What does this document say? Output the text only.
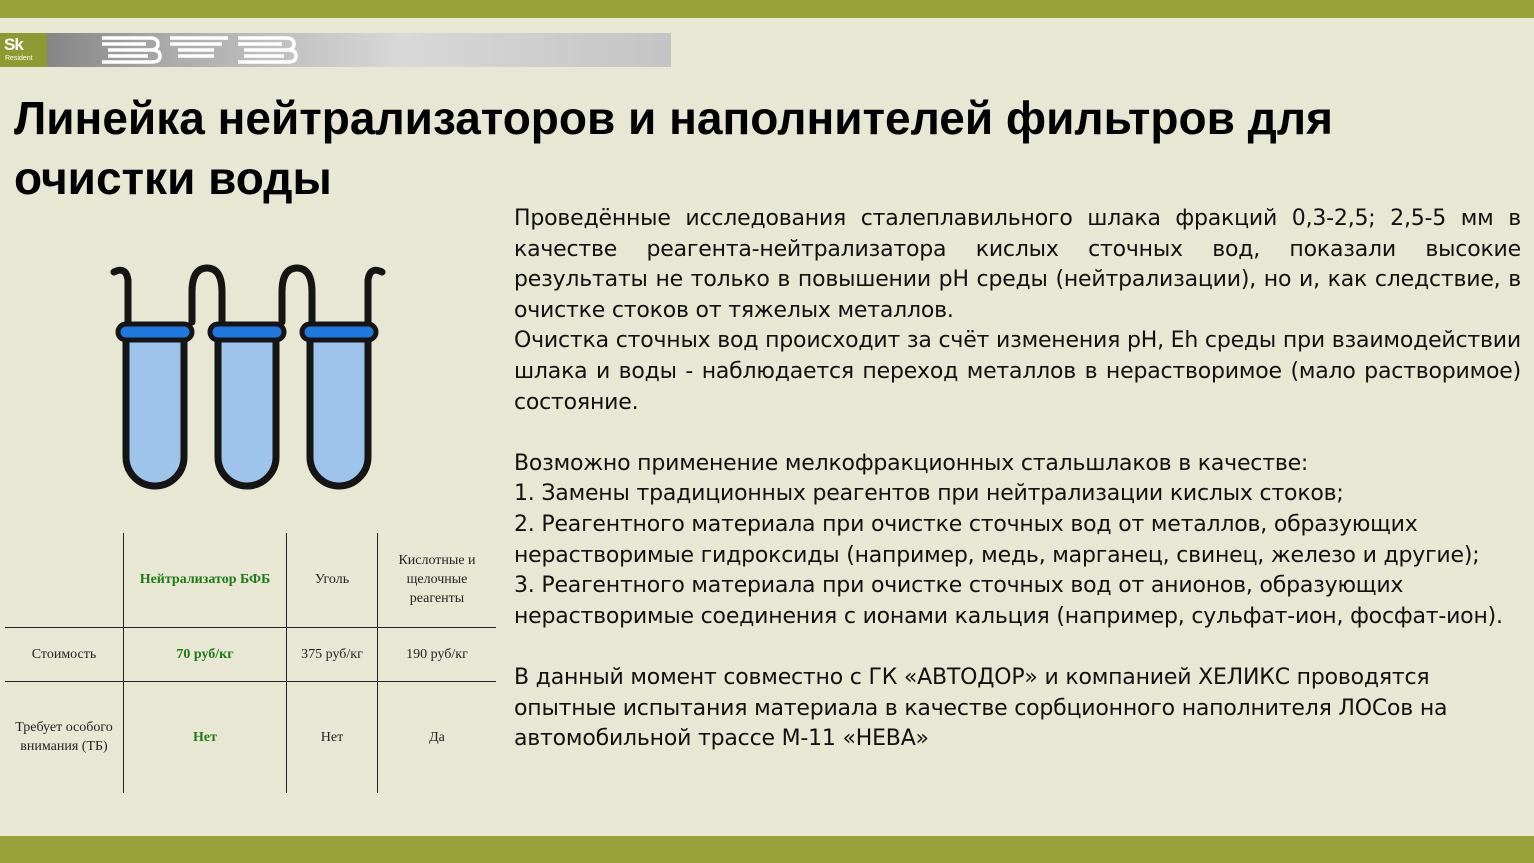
Sk
Resident
Линейка нейтрализаторов и наполнителей фильтров для очистки воды
	Нейтрализатор БФБ	Уголь	Кислотные и щелочные реагенты
Стоимость	70 руб/кг	375 руб/кг	190 руб/кг
Требует особого внимания (ТБ)	Нет	Нет	Да

Проведённые исследования сталеплавильного шлака фракций 0,3-2,5; 2,5-5 мм в качестве реагента-нейтрализатора кислых сточных вод, показали высокие результаты не только в повышении pH среды (нейтрализации), но и, как следствие, в очистке стоков от тяжелых металлов.

Очистка сточных вод происходит за счёт изменения pH, Eh среды при взаимодействии шлака и воды - наблюдается переход металлов в нерастворимое (мало растворимое) состояние.

Возможно применение мелкофракционных стальшлаков в качестве:

1. Замены традиционных реагентов при нейтрализации кислых стоков;

2. Реагентного материала при очистке сточных вод от металлов, образующих нерастворимые гидроксиды (например, медь, марганец, свинец, железо и другие);

3. Реагентного материала при очистке сточных вод от анионов, образующих нерастворимые соединения с ионами кальция (например, сульфат-ион, фосфат-ион).

В данный момент совместно с ГК «АВТОДОР» и компанией ХЕЛИКС проводятся опытные испытания материала в качестве сорбционного наполнителя ЛОСов на автомобильной трассе М-11 «НЕВА»
